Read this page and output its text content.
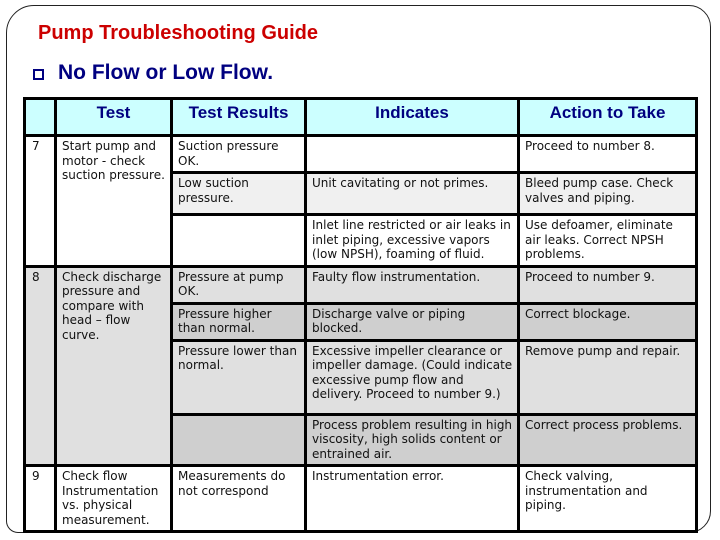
Pump Troubleshooting Guide
No Flow or Low Flow.
	Test	Test Results	Indicates	Action to Take
7	Start pump and motor - check suction pressure.	Suction pressure OK.		Proceed to number 8.
		Low suction pressure.	Unit cavitating or not primes.	Bleed pump case. Check valves and piping.
			Inlet line restricted or air leaks in inlet piping, excessive vapors (low NPSH), foaming of fluid.	Use defoamer, eliminate air leaks. Correct NPSH problems.
8	Check discharge pressure and compare with head – flow curve.	Pressure at pump OK.	Faulty flow instrumentation.	Proceed to number 9.
		Pressure higher than normal.	Discharge valve or piping blocked.	Correct blockage.
		Pressure lower than normal.	Excessive impeller clearance or impeller damage. (Could indicate excessive pump flow and delivery. Proceed to number 9.)	Remove pump and repair.
			Process problem resulting in high viscosity, high solids content or entrained air.	Correct process problems.
9	Check flow Instrumentation vs. physical measurement.	Measurements do not correspond	Instrumentation error.	Check valving, instrumentation and piping.
